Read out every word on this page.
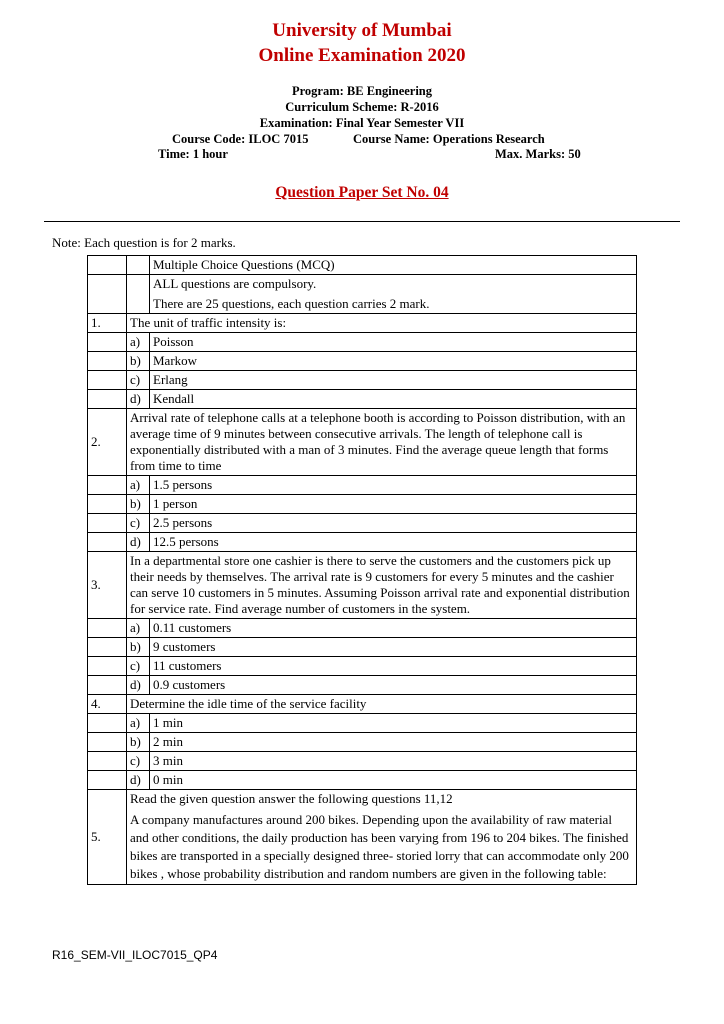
University of Mumbai
Online Examination 2020
Program: BE Engineering
Curriculum Scheme: R-2016
Examination: Final Year Semester VII
Course Code: ILOC 7015	Course Name: Operations Research
Time: 1 hour	Max. Marks: 50
Question Paper Set No. 04
Note: Each question is for 2 marks.
		Multiple Choice Questions (MCQ)

		ALL questions are compulsory.

There are 25 questions, each question carries 2 mark.

1.	The unit of traffic intensity is:	
	a)	Poisson
	b)	Markow
	c)	Erlang
	d)	Kendall
2.	Arrival rate of telephone calls at a telephone booth is according to Poisson distribution, with an average time of 9 minutes between consecutive arrivals. The length of telephone call is exponentially distributed with a man of 3 minutes. Find the average queue length that forms from time to time	
	a)	1.5 persons
	b)	1 person
	c)	2.5 persons
	d)	12.5 persons
3.	In a departmental store one cashier is there to serve the customers and the customers pick up their needs by themselves. The arrival rate is 9 customers for every 5 minutes and the cashier can serve 10 customers in 5 minutes. Assuming Poisson arrival rate and exponential distribution for service rate. Find average number of customers in the system.	
	a)	0.11 customers
	b)	9 customers
	c)	11 customers
	d)	0.9 customers
4.	Determine the idle time of the service facility	
	a)	1 min
	b)	2 min
	c)	3 min
	d)	0 min
5.	Read the given question answer the following questions 11,12

A company manufactures around 200 bikes. Depending upon the availability of raw material and other conditions, the daily production has been varying from 196 to 204 bikes. The finished bikes are transported in a specially designed three- storied lorry that can accommodate only 200 bikes , whose probability distribution and random numbers are given in the following table:	

R16_SEM-VII_ILOC7015_QP4
